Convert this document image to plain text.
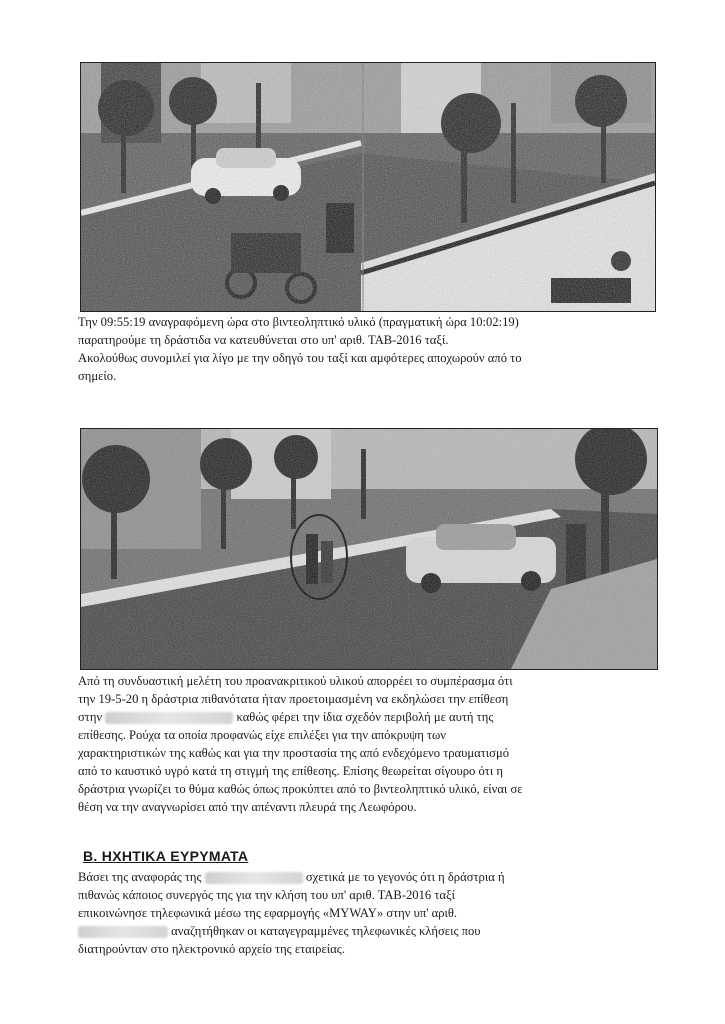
Την 09:55:19 αναγραφόμενη ώρα στο βιντεοληπτικό υλικό (πραγματική ώρα 10:02:19)
παρατηρούμε τη δράστιδα να κατευθύνεται στο υπ' αριθ. ΤΑΒ-2016 ταξί.
Ακολούθως συνομιλεί για λίγο με την οδηγό του ταξί και αμφότερες αποχωρούν από το
σημείο.

Από τη συνδυαστική μελέτη του προανακριτικού υλικού απορρέει το συμπέρασμα ότι
την 19-5-20 η δράστρια πιθανότατα ήταν προετοιμασμένη να εκδηλώσει την επίθεση
στην	καθώς φέρει την ίδια σχεδόν περιβολή με αυτή της
επίθεσης. Ρούχα τα οποία προφανώς είχε επιλέξει για την απόκρυψη των
χαρακτηριστικών της καθώς και για την προστασία της από ενδεχόμενο τραυματισμό
από το καυστικό υγρό κατά τη στιγμή της επίθεσης. Επίσης θεωρείται σίγουρο ότι η
δράστρια γνωρίζει το θύμα καθώς όπως προκύπτει από το βιντεοληπτικό υλικό, είναι σε
θέση να την αναγνωρίσει από την απέναντι πλευρά της Λεωφόρου.

Β. ΗΧΗΤΙΚΑ ΕΥΡΥΜΑΤΑ

Βάσει της αναφοράς της	σχετικά με το γεγονός ότι η δράστρια ή
πιθανώς κάποιος συνεργός της για την κλήση του υπ' αριθ. ΤΑΒ-2016 ταξί
επικοινώνησε τηλεφωνικά μέσω της εφαρμογής «MYWAY» στην υπ' αριθ.
αναζητήθηκαν οι καταγεγραμμένες τηλεφωνικές κλήσεις που
διατηρούνταν στο ηλεκτρονικό αρχείο της εταιρείας.
